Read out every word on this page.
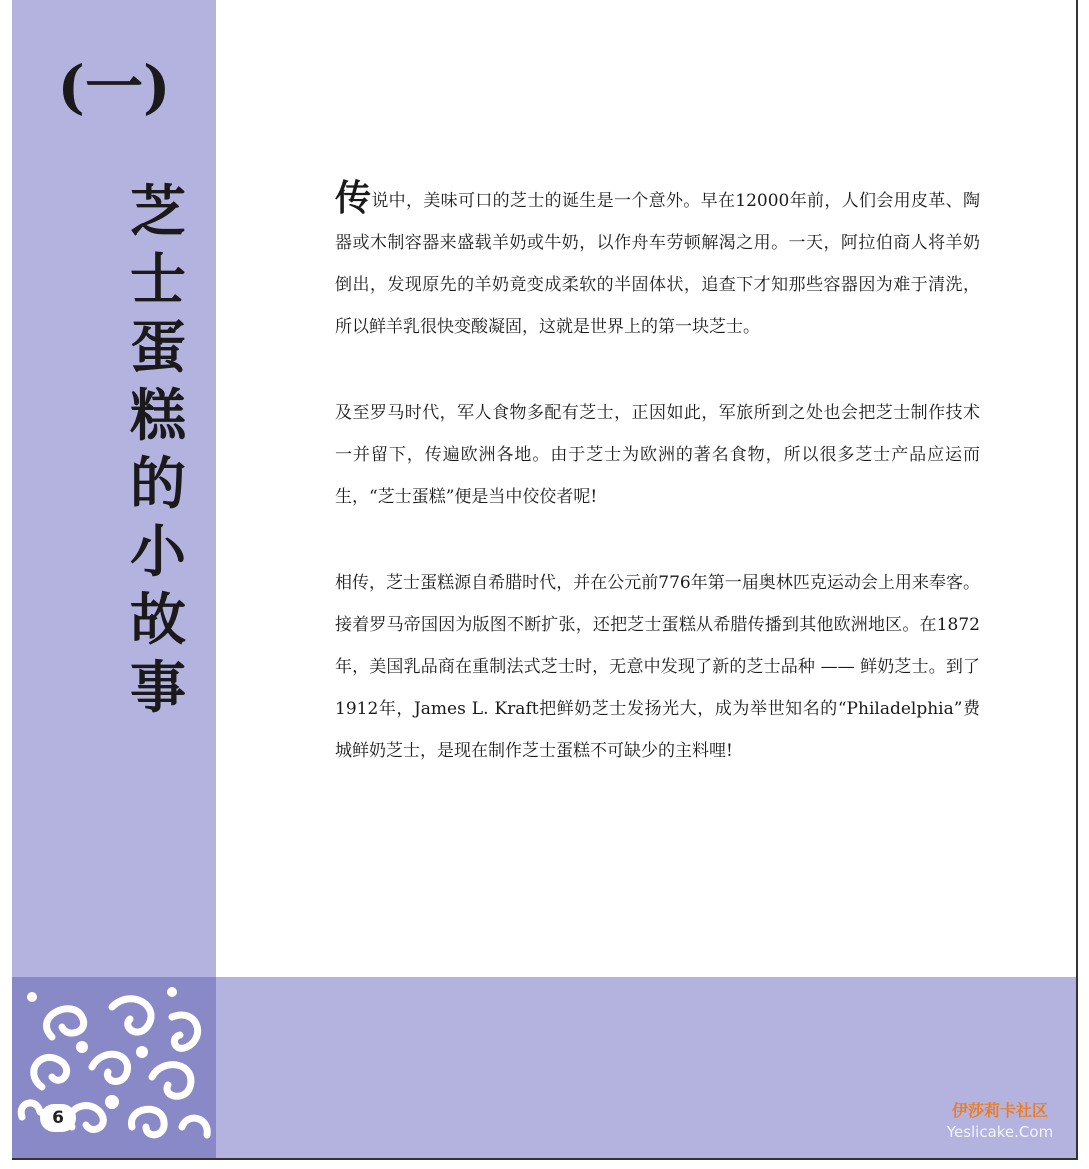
(一)
芝
士
蛋
糕
的
小
故
事
6

传说中，美味可口的芝士的诞生是一个意外。早在12000年前，人们会用皮革、陶器或木制容器来盛载羊奶或牛奶，以作舟车劳顿解渴之用。一天，阿拉伯商人将羊奶倒出，发现原先的羊奶竟变成柔软的半固体状，追查下才知那些容器因为难于清洗，所以鲜羊乳很快变酸凝固，这就是世界上的第一块芝士。

及至罗马时代，军人食物多配有芝士，正因如此，军旅所到之处也会把芝士制作技术一并留下，传遍欧洲各地。由于芝士为欧洲的著名食物，所以很多芝士产品应运而生，“芝士蛋糕”便是当中佼佼者呢!

相传，芝士蛋糕源自希腊时代，并在公元前776年第一届奥林匹克运动会上用来奉客。接着罗马帝国因为版图不断扩张，还把芝士蛋糕从希腊传播到其他欧洲地区。在1872年，美国乳品商在重制法式芝士时，无意中发现了新的芝士品种 —— 鲜奶芝士。到了1912年，James L. Kraft把鲜奶芝士发扬光大，成为举世知名的“Philadelphia”费城鲜奶芝士，是现在制作芝士蛋糕不可缺少的主料哩!

伊莎莉卡社区
Yeslicake.Com
